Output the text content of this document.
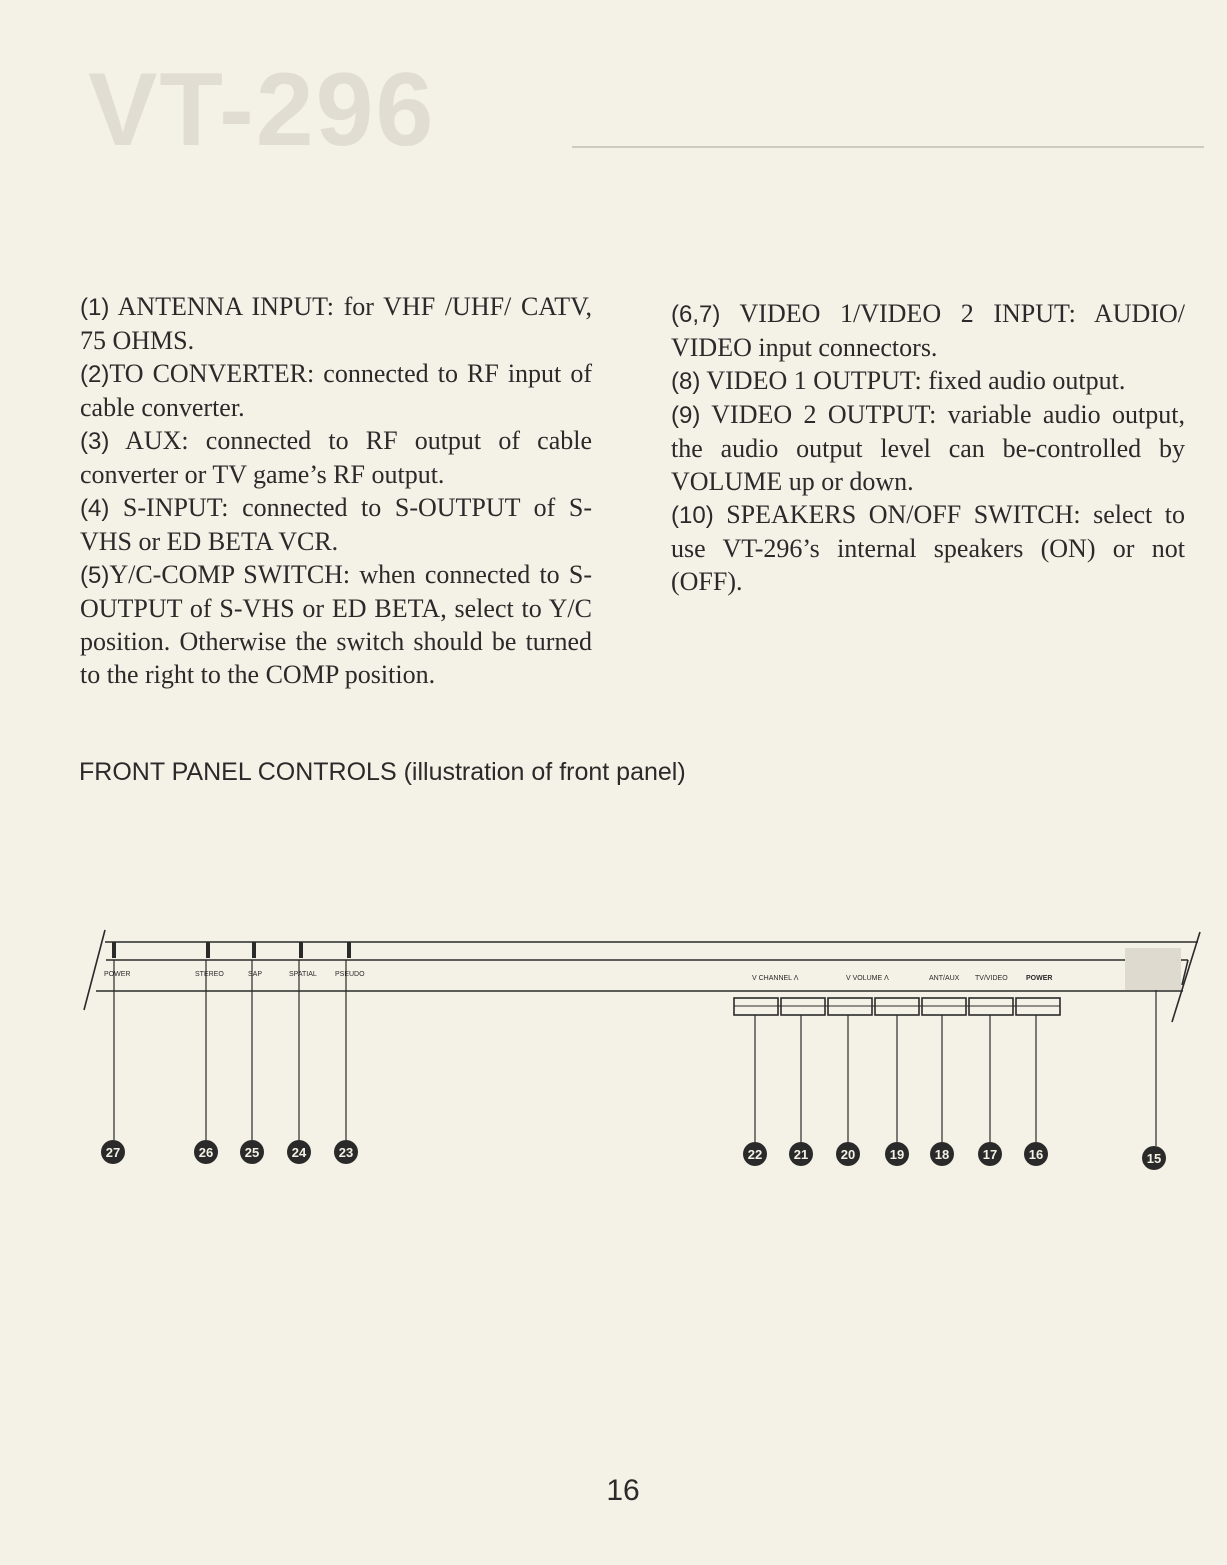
VT-296

(1) ANTENNA INPUT: for VHF /UHF/ CATV, 75 OHMS.

(2)TO CONVERTER: connected to RF input of cable converter.

(3) AUX: connected to RF output of cable converter or TV game’s RF output.

(4) S-INPUT: connected to S-OUTPUT of S-VHS or ED BETA VCR.

(5)Y/C-COMP SWITCH: when connected to S-OUTPUT of S-VHS or ED BETA, select to Y/C position. Otherwise the switch should be turned to the right to the COMP position.

(6,7) VIDEO 1/VIDEO 2 INPUT: AUDIO/ VIDEO input connectors.

(8) VIDEO 1 OUTPUT: fixed audio output.

(9) VIDEO 2 OUTPUT: variable audio output, the audio output level can be-controlled by VOLUME up or down.

(10) SPEAKERS ON/OFF SWITCH: select to use VT-296’s internal speakers (ON) or not (OFF).

FRONT PANEL CONTROLS (illustration of front panel)
POWER	STEREO	SAP	SPATIAL	PSEUDO
V CHANNEL Λ	V VOLUME Λ	ANT/AUX TV/VIDEO	POWER
27	26 25	24	23	22 21	20	19 18	17 16	15
16
